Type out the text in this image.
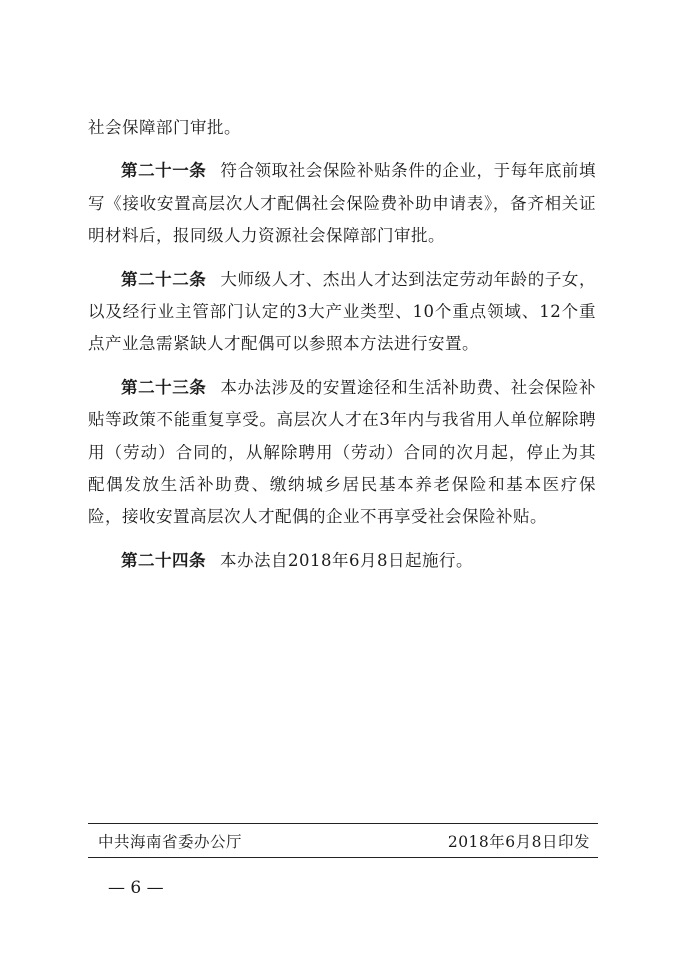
社会保障部门审批。

第二十一条 符合领取社会保险补贴条件的企业，于每年底前填写《接收安置高层次人才配偶社会保险费补助申请表》，备齐相关证明材料后，报同级人力资源社会保障部门审批。

第二十二条 大师级人才、杰出人才达到法定劳动年龄的子女，以及经行业主管部门认定的3大产业类型、10个重点领域、12个重点产业急需紧缺人才配偶可以参照本方法进行安置。

第二十三条 本办法涉及的安置途径和生活补助费、社会保险补贴等政策不能重复享受。高层次人才在3年内与我省用人单位解除聘用（劳动）合同的，从解除聘用（劳动）合同的次月起，停止为其配偶发放生活补助费、缴纳城乡居民基本养老保险和基本医疗保险，接收安置高层次人才配偶的企业不再享受社会保险补贴。

第二十四条 本办法自2018年6月8日起施行。

中共海南省委办公厅	2018年6月8日印发
— 6 —
